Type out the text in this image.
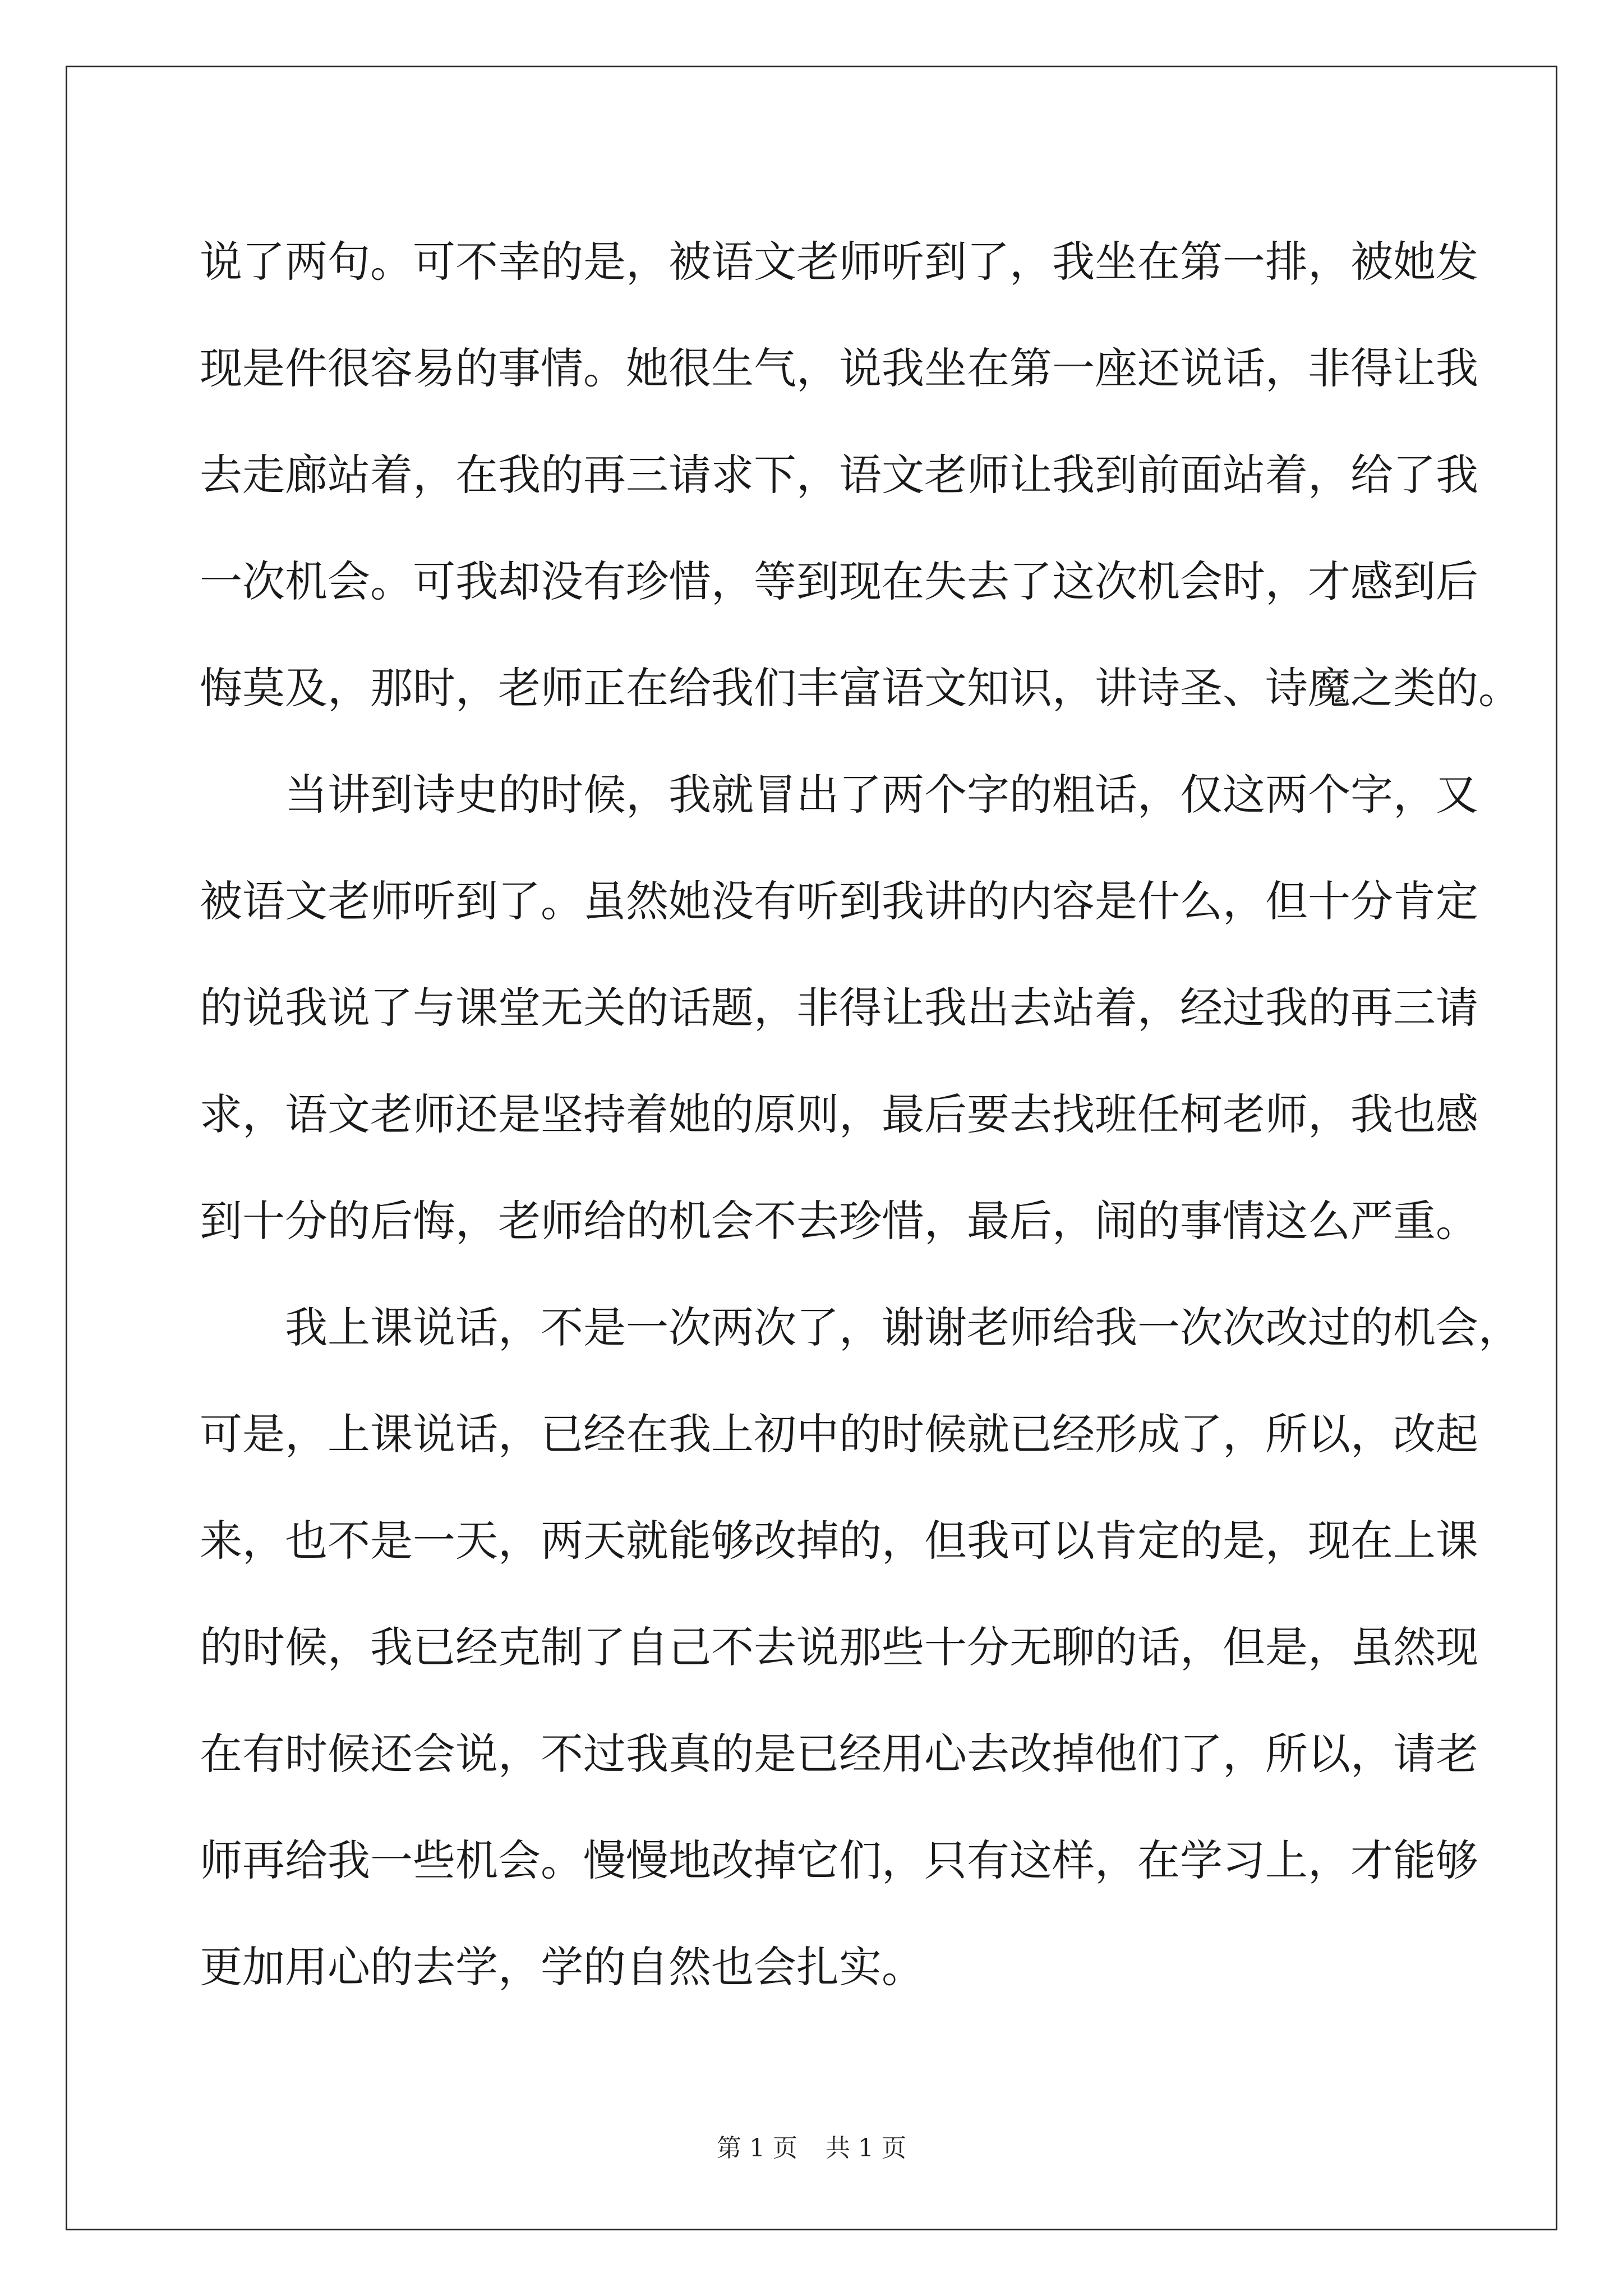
说了两句。可不幸的是，被语文老师听到了，我坐在第一排，被她发
现是件很容易的事情。她很生气，说我坐在第一座还说话，非得让我
去走廊站着，在我的再三请求下，语文老师让我到前面站着，给了我
一次机会。可我却没有珍惜，等到现在失去了这次机会时，才感到后
悔莫及，那时，老师正在给我们丰富语文知识，讲诗圣、诗魔之类的。
当讲到诗史的时候，我就冒出了两个字的粗话，仅这两个字，又
被语文老师听到了。虽然她没有听到我讲的内容是什么，但十分肯定
的说我说了与课堂无关的话题，非得让我出去站着，经过我的再三请
求，语文老师还是坚持着她的原则，最后要去找班任柯老师，我也感
到十分的后悔，老师给的机会不去珍惜，最后，闹的事情这么严重。
我上课说话，不是一次两次了，谢谢老师给我一次次改过的机会，
可是，上课说话，已经在我上初中的时候就已经形成了，所以，改起
来，也不是一天，两天就能够改掉的，但我可以肯定的是，现在上课
的时候，我已经克制了自己不去说那些十分无聊的话，但是，虽然现
在有时候还会说，不过我真的是已经用心去改掉他们了，所以，请老
师再给我一些机会。慢慢地改掉它们，只有这样，在学习上，才能够
更加用心的去学，学的自然也会扎实。
第 1 页 共 1 页
